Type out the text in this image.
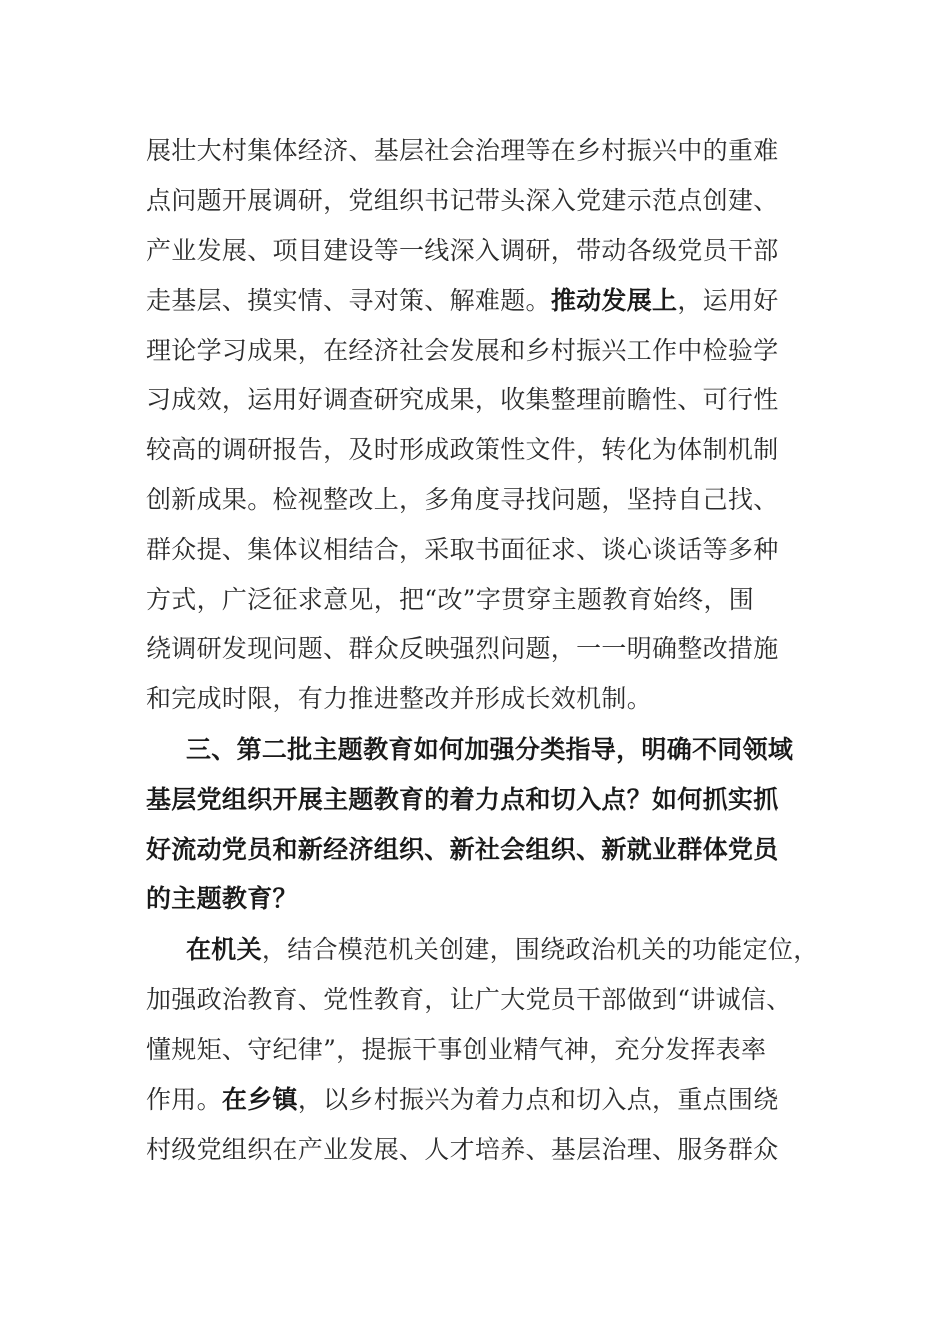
展壮大村集体经济、基层社会治理等在乡村振兴中的重难
点问题开展调研，党组织书记带头深入党建示范点创建、
产业发展、项目建设等一线深入调研，带动各级党员干部
走基层、摸实情、寻对策、解难题。推动发展上，运用好
理论学习成果，在经济社会发展和乡村振兴工作中检验学
习成效，运用好调查研究成果，收集整理前瞻性、可行性
较高的调研报告，及时形成政策性文件，转化为体制机制
创新成果。检视整改上，多角度寻找问题，坚持自己找、
群众提、集体议相结合，采取书面征求、谈心谈话等多种
方式，广泛征求意见，把“改”字贯穿主题教育始终，围
绕调研发现问题、群众反映强烈问题，一一明确整改措施
和完成时限，有力推进整改并形成长效机制。
三、第二批主题教育如何加强分类指导，明确不同领域
基层党组织开展主题教育的着力点和切入点？如何抓实抓
好流动党员和新经济组织、新社会组织、新就业群体党员
的主题教育？
在机关，结合模范机关创建，围绕政治机关的功能定位，
加强政治教育、党性教育，让广大党员干部做到“讲诚信、
懂规矩、守纪律”，提振干事创业精气神，充分发挥表率
作用。在乡镇，以乡村振兴为着力点和切入点，重点围绕
村级党组织在产业发展、人才培养、基层治理、服务群众
